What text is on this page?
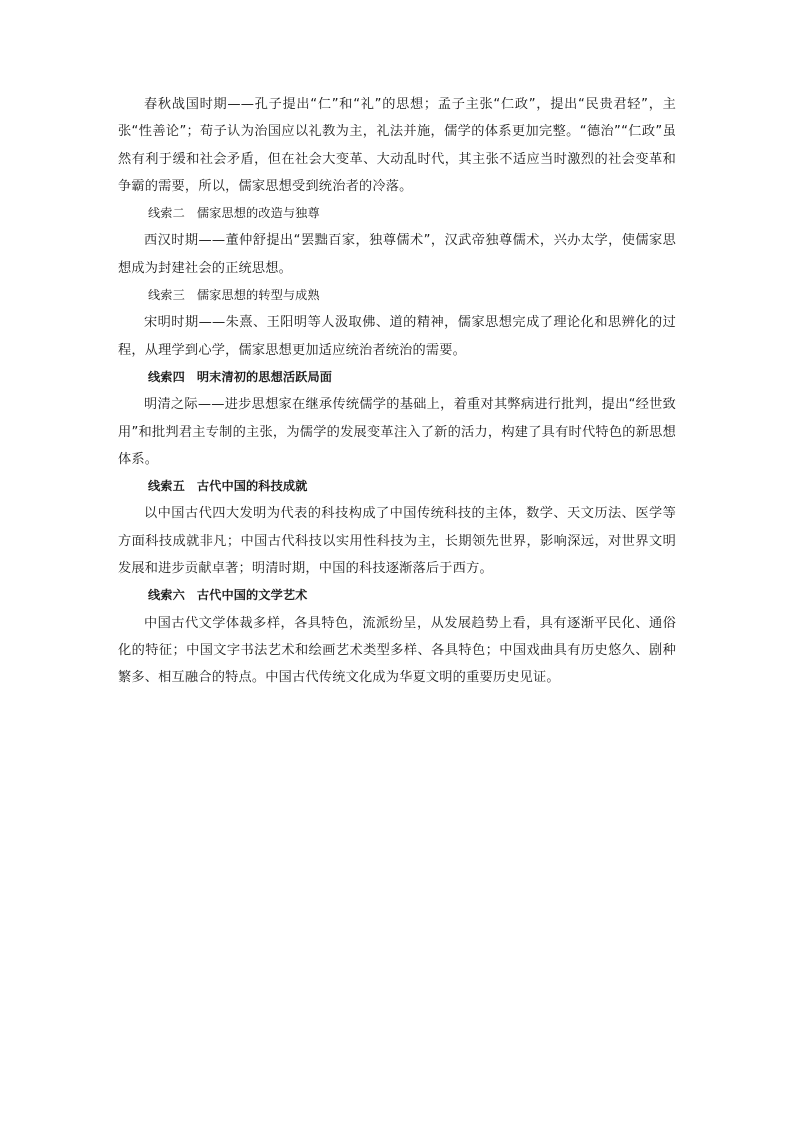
春秋战国时期——孔子提出“仁”和“礼”的思想；孟子主张“仁政”，提出“民贵君轻”，主张“性善论”；荀子认为治国应以礼教为主，礼法并施，儒学的体系更加完整。“德治”“仁政”虽然有利于缓和社会矛盾，但在社会大变革、大动乱时代，其主张不适应当时激烈的社会变革和争霸的需要，所以，儒家思想受到统治者的冷落。

线索二 儒家思想的改造与独尊

西汉时期——董仲舒提出“罢黜百家，独尊儒术”，汉武帝独尊儒术，兴办太学，使儒家思想成为封建社会的正统思想。

线索三 儒家思想的转型与成熟

宋明时期——朱熹、王阳明等人汲取佛、道的精神，儒家思想完成了理论化和思辨化的过程，从理学到心学，儒家思想更加适应统治者统治的需要。

线索四 明末清初的思想活跃局面

明清之际——进步思想家在继承传统儒学的基础上，着重对其弊病进行批判，提出“经世致用”和批判君主专制的主张，为儒学的发展变革注入了新的活力，构建了具有时代特色的新思想体系。

线索五 古代中国的科技成就

以中国古代四大发明为代表的科技构成了中国传统科技的主体，数学、天文历法、医学等方面科技成就非凡；中国古代科技以实用性科技为主，长期领先世界，影响深远，对世界文明发展和进步贡献卓著；明清时期，中国的科技逐渐落后于西方。

线索六 古代中国的文学艺术

中国古代文学体裁多样，各具特色，流派纷呈，从发展趋势上看，具有逐渐平民化、通俗化的特征；中国文字书法艺术和绘画艺术类型多样、各具特色；中国戏曲具有历史悠久、剧种繁多、相互融合的特点。中国古代传统文化成为华夏文明的重要历史见证。
